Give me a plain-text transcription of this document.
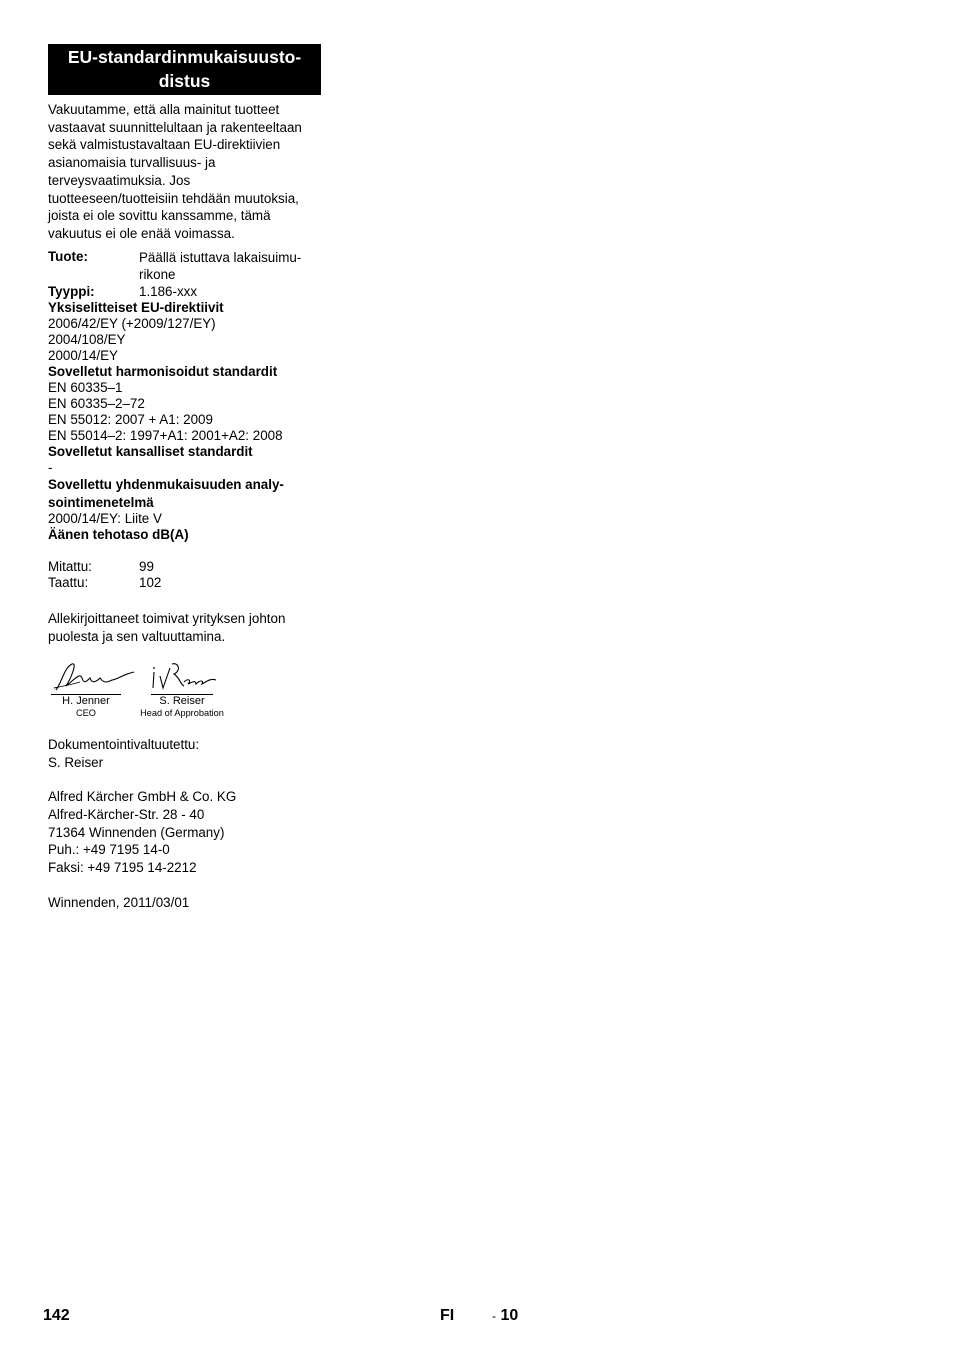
EU-standardinmukaisuusto-
distus
Vakuutamme, että alla mainitut tuotteet vastaavat suunnittelultaan ja rakenteeltaan sekä valmistustavaltaan EU-direktiivien asianomaisia turvallisuus- ja terveysvaatimuksia. Jos tuotteeseen/tuotteisiin tehdään muutoksia, joista ei ole sovittu kanssamme, tämä vakuutus ei ole enää voimassa.
Tuote:	Päällä istuttava lakaisuimu-
rikone
Tyyppi:	1.186-xxx
Yksiselitteiset EU-direktiivit
2006/42/EY (+2009/127/EY)
2004/108/EY
2000/14/EY
Sovelletut harmonisoidut standardit
EN 60335–1
EN 60335–2–72
EN 55012: 2007 + A1: 2009
EN 55014–2: 1997+A1: 2001+A2: 2008
Sovelletut kansalliset standardit
-
Sovellettu yhdenmukaisuuden analy-
sointimenetelmä
2000/14/EY: Liite V
Äänen tehotaso dB(A)
Mitattu:	99
Taattu:	102
Allekirjoittaneet toimivat yrityksen johton puolesta ja sen valtuuttamina.
H. Jenner
CEO
S. Reiser
Head of Approbation
Dokumentointivaltuutettu:
S. Reiser
Alfred Kärcher GmbH & Co. KG
Alfred-Kärcher-Str. 28 - 40
71364 Winnenden (Germany)
Puh.: +49 7195 14-0
Faksi: +49 7195 14-2212
Winnenden, 2011/03/01
142	FI	- 10
